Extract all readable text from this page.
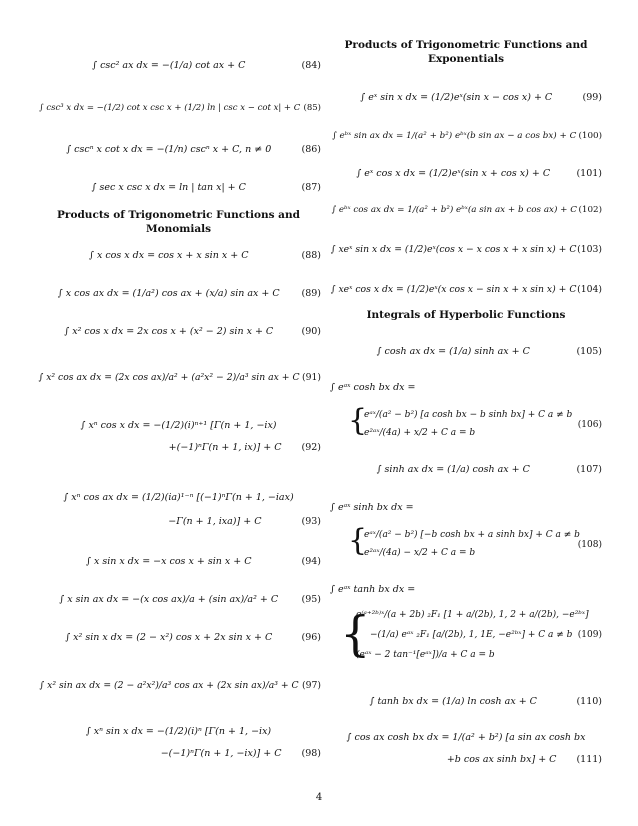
∫ csc² ax dx = −(1/a) cot ax + C	(84)
∫ csc³ x dx = −(1/2) cot x csc x + (1/2) ln | csc x − cot x| + C (85)
∫ cscⁿ x cot x dx = −(1/n) cscⁿ x + C, n ≠ 0	(86)
∫ sec x csc x dx = ln | tan x| + C	(87)
Products of Trigonometric Functions and Monomials
∫ x cos x dx = cos x + x sin x + C	(88)
∫ x cos ax dx = (1/a²) cos ax + (x/a) sin ax + C	(89)
∫ x² cos x dx = 2x cos x + (x² − 2) sin x + C	(90)
∫ x² cos ax dx = (2x cos ax)/a² + (a²x² − 2)/a³ sin ax + C (91)
∫ xⁿ cos x dx = −(1/2)(i)ⁿ⁺¹ [Γ(n + 1, −ix)
+(−1)ⁿΓ(n + 1, ix)] + C	(92)
∫ xⁿ cos ax dx = (1/2)(ia)¹⁻ⁿ [(−1)ⁿΓ(n + 1, −iax)
−Γ(n + 1, ixa)] + C	(93)
∫ x sin x dx = −x cos x + sin x + C	(94)
∫ x sin ax dx = −(x cos ax)/a + (sin ax)/a² + C	(95)
∫ x² sin x dx = (2 − x²) cos x + 2x sin x + C	(96)
∫ x² sin ax dx = (2 − a²x²)/a³ cos ax + (2x sin ax)/a³ + C (97)
∫ xⁿ sin x dx = −(1/2)(i)ⁿ [Γ(n + 1, −ix)
−(−1)ⁿΓ(n + 1, −ix)] + C	(98)
Products of Trigonometric Functions and Exponentials
∫ eˣ sin x dx = (1/2)eˣ(sin x − cos x) + C	(99)
∫ eᵇˣ sin ax dx = 1/(a² + b²) eᵇˣ(b sin ax − a cos bx) + C (100)
∫ eˣ cos x dx = (1/2)eˣ(sin x + cos x) + C	(101)
∫ eᵇˣ cos ax dx = 1/(a² + b²) eᵇˣ(a sin ax + b cos ax) + C (102)
∫ xeˣ sin x dx = (1/2)eˣ(cos x − x cos x + x sin x) + C (103)
∫ xeˣ cos x dx = (1/2)eˣ(x cos x − sin x + x sin x) + C (104)
Integrals of Hyperbolic Functions
∫ cosh ax dx = (1/a) sinh ax + C	(105)
∫ eᵃˣ cosh bx dx =
{
eᵃˣ/(a² − b²) [a cosh bx − b sinh bx] + C a ≠ b
e²ᵃˣ/(4a) + x/2 + C a = b
(106)
∫ sinh ax dx = (1/a) cosh ax + C	(107)
∫ eᵃˣ sinh bx dx =
{
eᵃˣ/(a² − b²) [−b cosh bx + a sinh bx] + C a ≠ b
e²ᵃˣ/(4a) − x/2 + C a = b
(108)
∫ eᵃˣ tanh bx dx =
{
e⁽ᵃ⁺²ᵇ⁾ˣ/(a + 2b) ₂F₁ [1 + a/(2b), 1, 2 + a/(2b), −e²ᵇˣ]
−(1/a) eᵃˣ ₂F₁ [a/(2b), 1, 1E, −e²ᵇˣ] + C a ≠ b
(eᵃˣ − 2 tan⁻¹[eᵃˣ])/a + C a = b
(109)
∫ tanh bx dx = (1/a) ln cosh ax + C	(110)
∫ cos ax cosh bx dx = 1/(a² + b²) [a sin ax cosh bx
+b cos ax sinh bx] + C	(111)
4
